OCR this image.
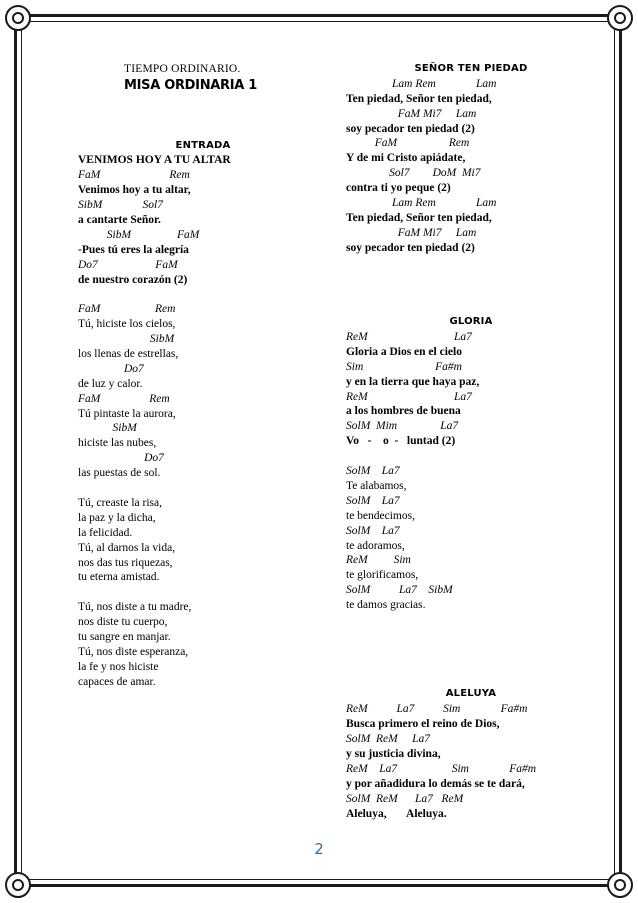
TIEMPO ORDINARIO.
MISA ORDINARIA 1
ENTRADA
VENIMOS HOY A TU ALTAR
FaM                        Rem
Venimos hoy a tu altar,
SibM              Sol7
a cantarte Señor.
SibM                FaM
-Pues tú eres la alegría
Do7                    FaM
de nuestro corazón (2)
FaM                   Rem
Tú, hiciste los cielos,
SibM
los llenas de estrellas,
Do7
de luz y calor.
FaM                 Rem
Tú pintaste la aurora,
SibM
hiciste las nubes,
Do7
las puestas de sol.
Tú, creaste la risa,
la paz y la dicha,
la felicidad.
Tú, al darnos la vida,
nos das tus riquezas,
tu eterna amistad.
Tú, nos diste a tu madre,
nos diste tu cuerpo,
tu sangre en manjar.
Tú, nos diste esperanza,
la fe y nos hiciste
capaces de amar.
SEÑOR TEN PIEDAD
Lam Rem              Lam
Ten piedad, Señor ten piedad,
FaM Mi7     Lam
soy pecador ten piedad (2)
FaM                  Rem
Y de mi Cristo apiádate,
Sol7        DoM  Mi7
contra ti yo peque (2)
Lam Rem              Lam
Ten piedad, Señor ten piedad,
FaM Mi7     Lam
soy pecador ten piedad (2)
GLORIA
ReM                              La7
Gloria a Dios en el cielo
Sim                         Fa#m
y en la tierra que haya paz,
ReM                              La7
a los hombres de buena
SolM  Mim               La7
Vo   -    o  -   luntad (2)
SolM    La7
Te alabamos,
SolM    La7
te bendecimos,
SolM    La7
te adoramos,
ReM         Sim
te glorificamos,
SolM          La7    SibM
te damos gracias.
ALELUYA
ReM          La7          Sim              Fa#m
Busca primero el reino de Dios,
SolM  ReM     La7
y su justicia divina,
ReM    La7                   Sim              Fa#m
y por añadidura lo demás se te dará,
SolM  ReM      La7   ReM
Aleluya,       Aleluya.
2
